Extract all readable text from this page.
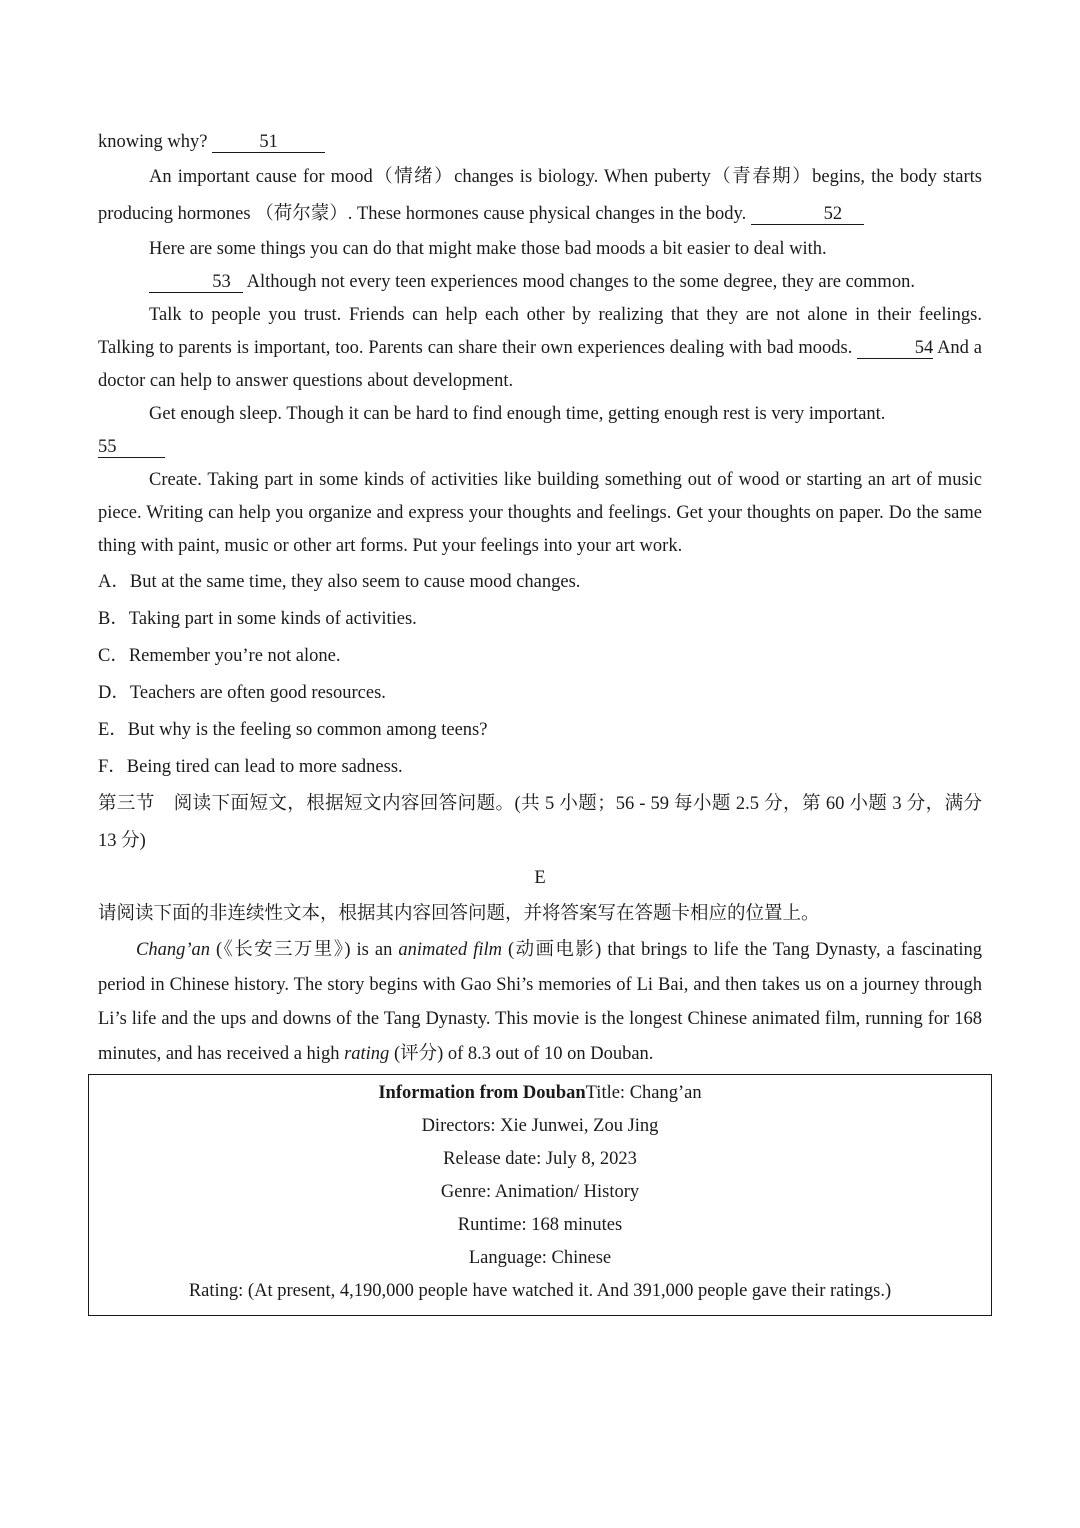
knowing why?	51

An important cause for mood（情绪）changes is biology. When puberty（青春期）begins, the body starts producing hormones （荷尔蒙）. These hormones cause physical changes in the body.	52

Here are some things you can do that might make those bad moods a bit easier to deal with.

53 Although not every teen experiences mood changes to the some degree, they are common.

Talk to people you trust. Friends can help each other by realizing that they are not alone in their feelings. Talking to parents is important, too. Parents can share their own experiences dealing with bad moods.	54 And a doctor can help to answer questions about development.

Get enough sleep. Though it can be hard to find enough time, getting enough rest is very important.

55

Create. Taking part in some kinds of activities like building something out of wood or starting an art of music piece. Writing can help you organize and express your thoughts and feelings. Get your thoughts on paper. Do the same thing with paint, music or other art forms. Put your feelings into your art work.

A．But at the same time, they also seem to cause mood changes.

B．Taking part in some kinds of activities.

C．Remember you’re not alone.

D．Teachers are often good resources.

E．But why is the feeling so common among teens?

F．Being tired can lead to more sadness.

第三节　阅读下面短文，根据短文内容回答问题。(共 5 小题；56 - 59 每小题 2.5 分，第 60 小题 3 分，满分 13 分)

E

请阅读下面的非连续性文本，根据其内容回答问题，并将答案写在答题卡相应的位置上。

Chang’an (《长安三万里》) is an animated film (动画电影) that brings to life the Tang Dynasty, a fascinating period in Chinese history. The story begins with Gao Shi’s memories of Li Bai, and then takes us on a journey through Li’s life and the ups and downs of the Tang Dynasty. This movie is the longest Chinese animated film, running for 168 minutes, and has received a high rating (评分) of 8.3 out of 10 on Douban.

Information from DoubanTitle: Chang’an
Directors: Xie Junwei, Zou Jing
Release date: July 8, 2023
Genre: Animation/ History
Runtime: 168 minutes
Language: Chinese
Rating: (At present, 4,190,000 people have watched it. And 391,000 people gave their ratings.)
